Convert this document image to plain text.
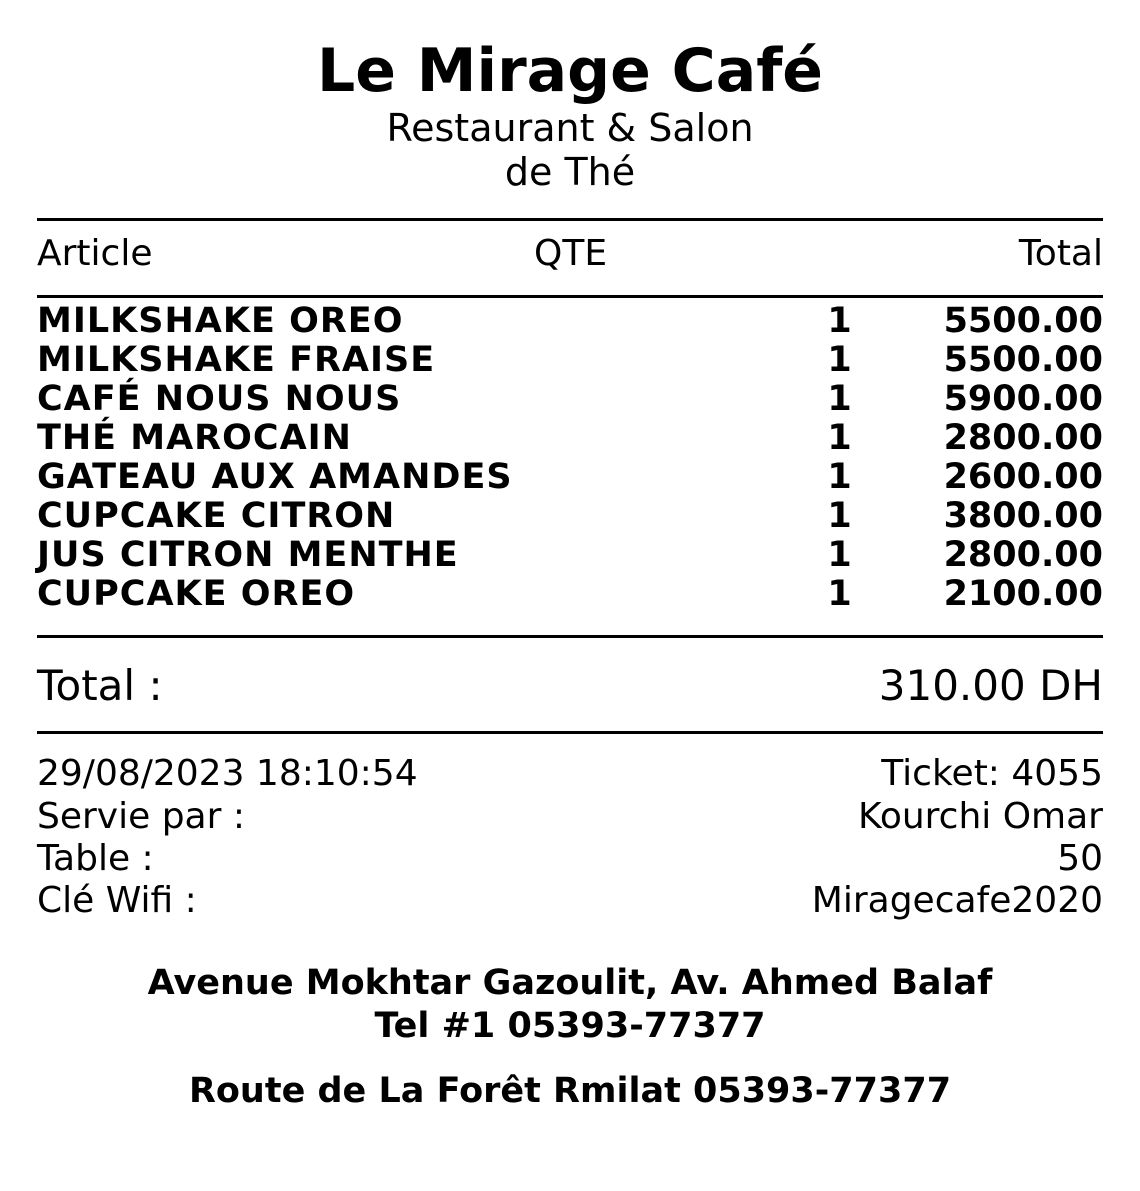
Le Mirage Café
Restaurant & Salon
de Thé
Article	QTE	Total
MILKSHAKE OREO	1	5500.00
MILKSHAKE FRAISE	1	5500.00
CAFÉ NOUS NOUS	1	5900.00
THÉ MAROCAIN	1	2800.00
GATEAU AUX AMANDES	1	2600.00
CUPCAKE CITRON	1	3800.00
JUS CITRON MENTHE	1	2800.00
CUPCAKE OREO	1	2100.00
Total :	310.00 DH
29/08/2023 18:10:54	Ticket: 4055
Servie par :	Kourchi Omar
Table :	50
Clé Wifi :	Miragecafe2020
Avenue Mokhtar Gazoulit, Av. Ahmed Balaf
Tel #1 05393-77377
Route de La Forêt Rmilat 05393-77377
